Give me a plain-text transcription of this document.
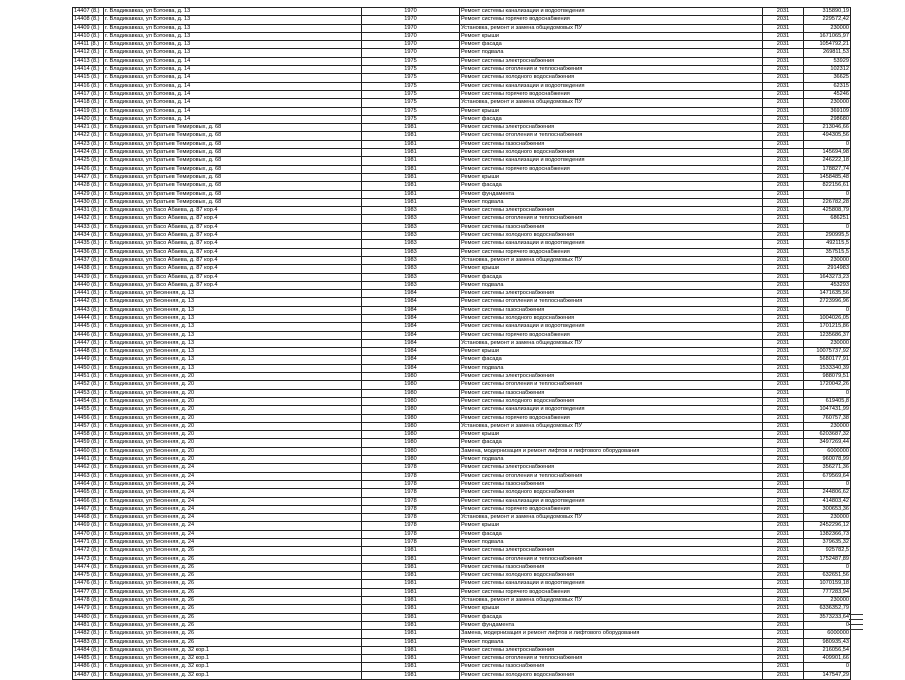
14407 (8.)	г. Владикавказ, ул Бэтоева, д. 13	1970	Ремонт системы канализации и водоотведения	2031	315890,19
14408 (8.)	г. Владикавказ, ул Бэтоева, д. 13	1970	Ремонт системы горячего водоснабжения	2031	229572,42
14409 (8.)	г. Владикавказ, ул Бэтоева, д. 13	1970	Установка, ремонт и замена общедомовых ПУ	2031	230000
14410 (8.)	г. Владикавказ, ул Бэтоева, д. 13	1970	Ремонт крыши	2031	1671065,97
14411 (8.)	г. Владикавказ, ул Бэтоева, д. 13	1970	Ремонт фасада	2031	1054792,21
14412 (8.)	г. Владикавказ, ул Бэтоева, д. 13	1970	Ремонт подвала	2031	269811,53
14413 (8.)	г. Владикавказ, ул Бэтоева, д. 14	1975	Ремонт системы электроснабжения	2031	53929
14414 (8.)	г. Владикавказ, ул Бэтоева, д. 14	1975	Ремонт системы отопления и теплоснабжения	2031	102312
14415 (8.)	г. Владикавказ, ул Бэтоева, д. 14	1975	Ремонт системы холодного водоснабжения	2031	36625
14416 (8.)	г. Владикавказ, ул Бэтоева, д. 14	1975	Ремонт системы канализации и водоотведения	2031	62315
14417 (8.)	г. Владикавказ, ул Бэтоева, д. 14	1975	Ремонт системы горячего водоснабжения	2031	45246
14418 (8.)	г. Владикавказ, ул Бэтоева, д. 14	1975	Установка, ремонт и замена общедомовых ПУ	2031	230000
14419 (8.)	г. Владикавказ, ул Бэтоева, д. 14	1975	Ремонт крыши	2031	369109
14420 (8.)	г. Владикавказ, ул Бэтоева, д. 14	1975	Ремонт фасада	2031	298680
14421 (8.)	г. Владикавказ, ул Братьев Темировых, д. 68	1981	Ремонт системы электроснабжения	2031	213046,66
14422 (8.)	г. Владикавказ, ул Братьев Темировых, д. 68	1981	Ремонт системы отопления и теплоснабжения	2031	494305,56
14423 (8.)	г. Владикавказ, ул Братьев Темировых, д. 68	1981	Ремонт системы газоснабжения	2031	0
14424 (8.)	г. Владикавказ, ул Братьев Темировых, д. 68	1981	Ремонт системы холодного водоснабжения	2031	145694,98
14425 (8.)	г. Владикавказ, ул Братьев Темировых, д. 68	1981	Ремонт системы канализации и водоотведения	2031	246222,18
14426 (8.)	г. Владикавказ, ул Братьев Темировых, д. 68	1981	Ремонт системы горячего водоснабжения	2031	178827,74
14427 (8.)	г. Владикавказ, ул Братьев Темировых, д. 68	1981	Ремонт крыши	2031	1458485,48
14428 (8.)	г. Владикавказ, ул Братьев Темировых, д. 68	1981	Ремонт фасада	2031	822156,61
14429 (8.)	г. Владикавказ, ул Братьев Темировых, д. 68	1981	Ремонт фундамента	2031	0
14430 (8.)	г. Владикавказ, ул Братьев Темировых, д. 68	1981	Ремонт подвала	2031	226782,28
14431 (8.)	г. Владикавказ, ул Васо Абаева, д. 87 кор.4	1983	Ремонт системы электроснабжения	2031	425808,79
14432 (8.)	г. Владикавказ, ул Васо Абаева, д. 87 кор.4	1983	Ремонт системы отопления и теплоснабжения	2031	686251
14433 (8.)	г. Владикавказ, ул Васо Абаева, д. 87 кор.4	1983	Ремонт системы газоснабжения	2031	0
14434 (8.)	г. Владикавказ, ул Васо Абаева, д. 87 кор.4	1983	Ремонт системы холодного водоснабжения	2031	290995,5
14435 (8.)	г. Владикавказ, ул Васо Абаева, д. 87 кор.4	1983	Ремонт системы канализации и водоотведения	2031	492115,5
14436 (8.)	г. Владикавказ, ул Васо Абаева, д. 87 кор.4	1983	Ремонт системы горячего водоснабжения	2031	357515,5
14437 (8.)	г. Владикавказ, ул Васо Абаева, д. 87 кор.4	1983	Установка, ремонт и замена общедомовых ПУ	2031	230000
14438 (8.)	г. Владикавказ, ул Васо Абаева, д. 87 кор.4	1983	Ремонт крыши	2031	2914983
14439 (8.)	г. Владикавказ, ул Васо Абаева, д. 87 кор.4	1983	Ремонт фасада	2031	1643273,23
14440 (8.)	г. Владикавказ, ул Васо Абаева, д. 87 кор.4	1983	Ремонт подвала	2031	453293
14441 (8.)	г. Владикавказ, ул Весенняя, д. 13	1984	Ремонт системы электроснабжения	2031	1471635,56
14442 (8.)	г. Владикавказ, ул Весенняя, д. 13	1984	Ремонт системы отопления и теплоснабжения	2031	2723996,96
14443 (8.)	г. Владикавказ, ул Весенняя, д. 13	1984	Ремонт системы газоснабжения	2031	0
14444 (8.)	г. Владикавказ, ул Весенняя, д. 13	1984	Ремонт системы холодного водоснабжения	2031	1004026,05
14445 (8.)	г. Владикавказ, ул Весенняя, д. 13	1984	Ремонт системы канализации и водоотведения	2031	1701215,86
14446 (8.)	г. Владикавказ, ул Весенняя, д. 13	1984	Ремонт системы горячего водоснабжения	2031	1235686,37
14447 (8.)	г. Владикавказ, ул Весенняя, д. 13	1984	Установка, ремонт и замена общедомовых ПУ	2031	230000
14448 (8.)	г. Владикавказ, ул Весенняя, д. 13	1984	Ремонт крыши	2031	10075737,92
14449 (8.)	г. Владикавказ, ул Весенняя, д. 13	1984	Ремонт фасада	2031	5680177,91
14450 (8.)	г. Владикавказ, ул Весенняя, д. 13	1984	Ремонт подвала	2031	1533340,39
14451 (8.)	г. Владикавказ, ул Весенняя, д. 20	1980	Ремонт системы электроснабжения	2031	988079,51
14452 (8.)	г. Владикавказ, ул Весенняя, д. 20	1980	Ремонт системы отопления и теплоснабжения	2031	1720042,26
14453 (8.)	г. Владикавказ, ул Весенняя, д. 20	1980	Ремонт системы газоснабжения	2031	0
14454 (8.)	г. Владикавказ, ул Весенняя, д. 20	1980	Ремонт системы холодного водоснабжения	2031	619405,8
14455 (8.)	г. Владикавказ, ул Весенняя, д. 20	1980	Ремонт системы канализации и водоотведения	2031	1047431,99
14456 (8.)	г. Владикавказ, ул Весенняя, д. 20	1980	Ремонт системы горячего водоснабжения	2031	760757,38
14457 (8.)	г. Владикавказ, ул Весенняя, д. 20	1980	Установка, ремонт и замена общедомовых ПУ	2031	230000
14458 (8.)	г. Владикавказ, ул Весенняя, д. 20	1980	Ремонт крыши	2031	6203687,32
14459 (8.)	г. Владикавказ, ул Весенняя, д. 20	1980	Ремонт фасада	2031	3497269,44
14460 (8.)	г. Владикавказ, ул Весенняя, д. 20	1980	Замена, модернизация и ремонт лифтов и лифтового оборудования	2031	6000000
14461 (8.)	г. Владикавказ, ул Весенняя, д. 20	1980	Ремонт подвала	2031	960078,99
14462 (8.)	г. Владикавказ, ул Весенняя, д. 24	1978	Ремонт системы электроснабжения	2031	356271,36
14463 (8.)	г. Владикавказ, ул Весенняя, д. 24	1978	Ремонт системы отопления и теплоснабжения	2031	679569,64
14464 (8.)	г. Владикавказ, ул Весенняя, д. 24	1978	Ремонт системы газоснабжения	2031	0
14465 (8.)	г. Владикавказ, ул Весенняя, д. 24	1978	Ремонт системы холодного водоснабжения	2031	244806,62
14466 (8.)	г. Владикавказ, ул Весенняя, д. 24	1978	Ремонт системы канализации и водоотведения	2031	414803,42
14467 (8.)	г. Владикавказ, ул Весенняя, д. 24	1978	Ремонт системы горячего водоснабжения	2031	300653,36
14468 (8.)	г. Владикавказ, ул Весенняя, д. 24	1978	Установка, ремонт и замена общедомовых ПУ	2031	230000
14469 (8.)	г. Владикавказ, ул Весенняя, д. 24	1978	Ремонт крыши	2031	2452296,12
14470 (8.)	г. Владикавказ, ул Весенняя, д. 24	1978	Ремонт фасада	2031	1382366,73
14471 (8.)	г. Владикавказ, ул Весенняя, д. 24	1978	Ремонт подвала	2031	379635,32
14472 (8.)	г. Владикавказ, ул Весенняя, д. 26	1981	Ремонт системы электроснабжения	2031	925782,5
14473 (8.)	г. Владикавказ, ул Весенняя, д. 26	1981	Ремонт системы отопления и теплоснабжения	2031	1752487,89
14474 (8.)	г. Владикавказ, ул Весенняя, д. 26	1981	Ремонт системы газоснабжения	2031	0
14475 (8.)	г. Владикавказ, ул Весенняя, д. 26	1981	Ремонт системы холодного водоснабжения	2031	632651,56
14476 (8.)	г. Владикавказ, ул Весенняя, д. 26	1981	Ремонт системы канализации и водоотведения	2031	1070159,18
14477 (8.)	г. Владикавказ, ул Весенняя, д. 26	1981	Ремонт системы горячего водоснабжения	2031	777283,94
14478 (8.)	г. Владикавказ, ул Весенняя, д. 26	1981	Установка, ремонт и замена общедомовых ПУ	2031	230000
14479 (8.)	г. Владикавказ, ул Весенняя, д. 26	1981	Ремонт крыши	2031	6336352,79
14480 (8.)	г. Владикавказ, ул Весенняя, д. 26	1981	Ремонт фасада	2031	3573233,64
14481 (8.)	г. Владикавказ, ул Весенняя, д. 26	1981	Ремонт фундамента	2031	0
14482 (8.)	г. Владикавказ, ул Весенняя, д. 26	1981	Замена, модернизация и ремонт лифтов и лифтового оборудования	2031	6000000
14483 (8.)	г. Владикавказ, ул Весенняя, д. 26	1981	Ремонт подвала	2031	980935,43
14484 (8.)	г. Владикавказ, ул Весенняя, д. 32 кор.1	1981	Ремонт системы электроснабжения	2031	216056,54
14485 (8.)	г. Владикавказ, ул Весенняя, д. 32 кор.1	1981	Ремонт системы отопления и теплоснабжения	2031	409901,66
14486 (8.)	г. Владикавказ, ул Весенняя, д. 32 кор.1	1981	Ремонт системы газоснабжения	2031	0
14487 (8.)	г. Владикавказ, ул Весенняя, д. 32 кор.1	1981	Ремонт системы холодного водоснабжения	2031	147547,29
